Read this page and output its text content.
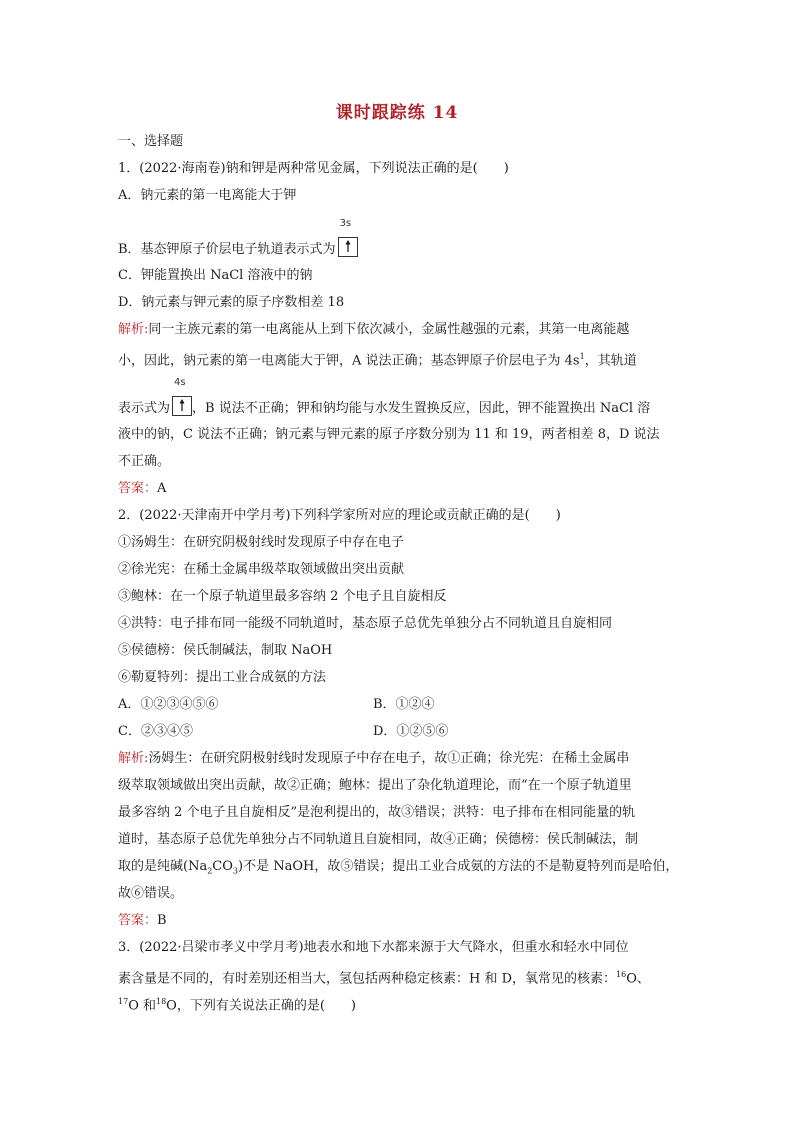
课时跟踪练 14
一、选择题
1．(2022·海南卷)钠和钾是两种常见金属，下列说法正确的是(　　)
A．钠元素的第一电离能大于钾
B．基态钾原子价层电子轨道表示式为
3s
C．钾能置换出 NaCl 溶液中的钠
D．钠元素与钾元素的原子序数相差 18
解析:同一主族元素的第一电离能从上到下依次减小，金属性越强的元素，其第一电离能越
小，因此，钠元素的第一电离能大于钾，A 说法正确；基态钾原子价层电子为 $4s^1$，其轨道
表示式为
4s
，B 说法不正确；钾和钠均能与水发生置换反应，因此，钾不能置换出 NaCl 溶
液中的钠，C 说法不正确；钠元素与钾元素的原子序数分别为 11 和 19，两者相差 8，D 说法
不正确。
答案：A
2．(2022·天津南开中学月考)下列科学家所对应的理论或贡献正确的是(　　)
①汤姆生：在研究阴极射线时发现原子中存在电子
②徐光宪：在稀土金属串级萃取领域做出突出贡献
③鲍林：在一个原子轨道里最多容纳 2 个电子且自旋相反
④洪特：电子排布同一能级不同轨道时，基态原子总优先单独分占不同轨道且自旋相同
⑤侯德榜：侯氏制碱法，制取 NaOH
⑥勒夏特列：提出工业合成氨的方法
A．①②③④⑤⑥	B．①②④
C．②③④⑤	D．①②⑤⑥
解析:汤姆生：在研究阴极射线时发现原子中存在电子，故①正确；徐光宪：在稀土金属串
级萃取领域做出突出贡献，故②正确；鲍林：提出了杂化轨道理论，而“在一个原子轨道里
最多容纳 2 个电子且自旋相反”是泡利提出的，故③错误；洪特：电子排布在相同能量的轨
道时，基态原子总优先单独分占不同轨道且自旋相同，故④正确；侯德榜：侯氏制碱法，制
取的是纯碱$(Na_2CO_3)$不是 NaOH，故⑤错误；提出工业合成氨的方法的不是勒夏特列而是哈伯，
故⑥错误。
答案：B
3．(2022·吕梁市孝义中学月考)地表水和地下水都来源于大气降水，但重水和轻水中同位
素含量是不同的，有时差别还相当大，氢包括两种稳定核素：H 和 D，氧常见的核素：$^{16}$O、
$^{17}$O 和$^{18}$O，下列有关说法正确的是(　　)
